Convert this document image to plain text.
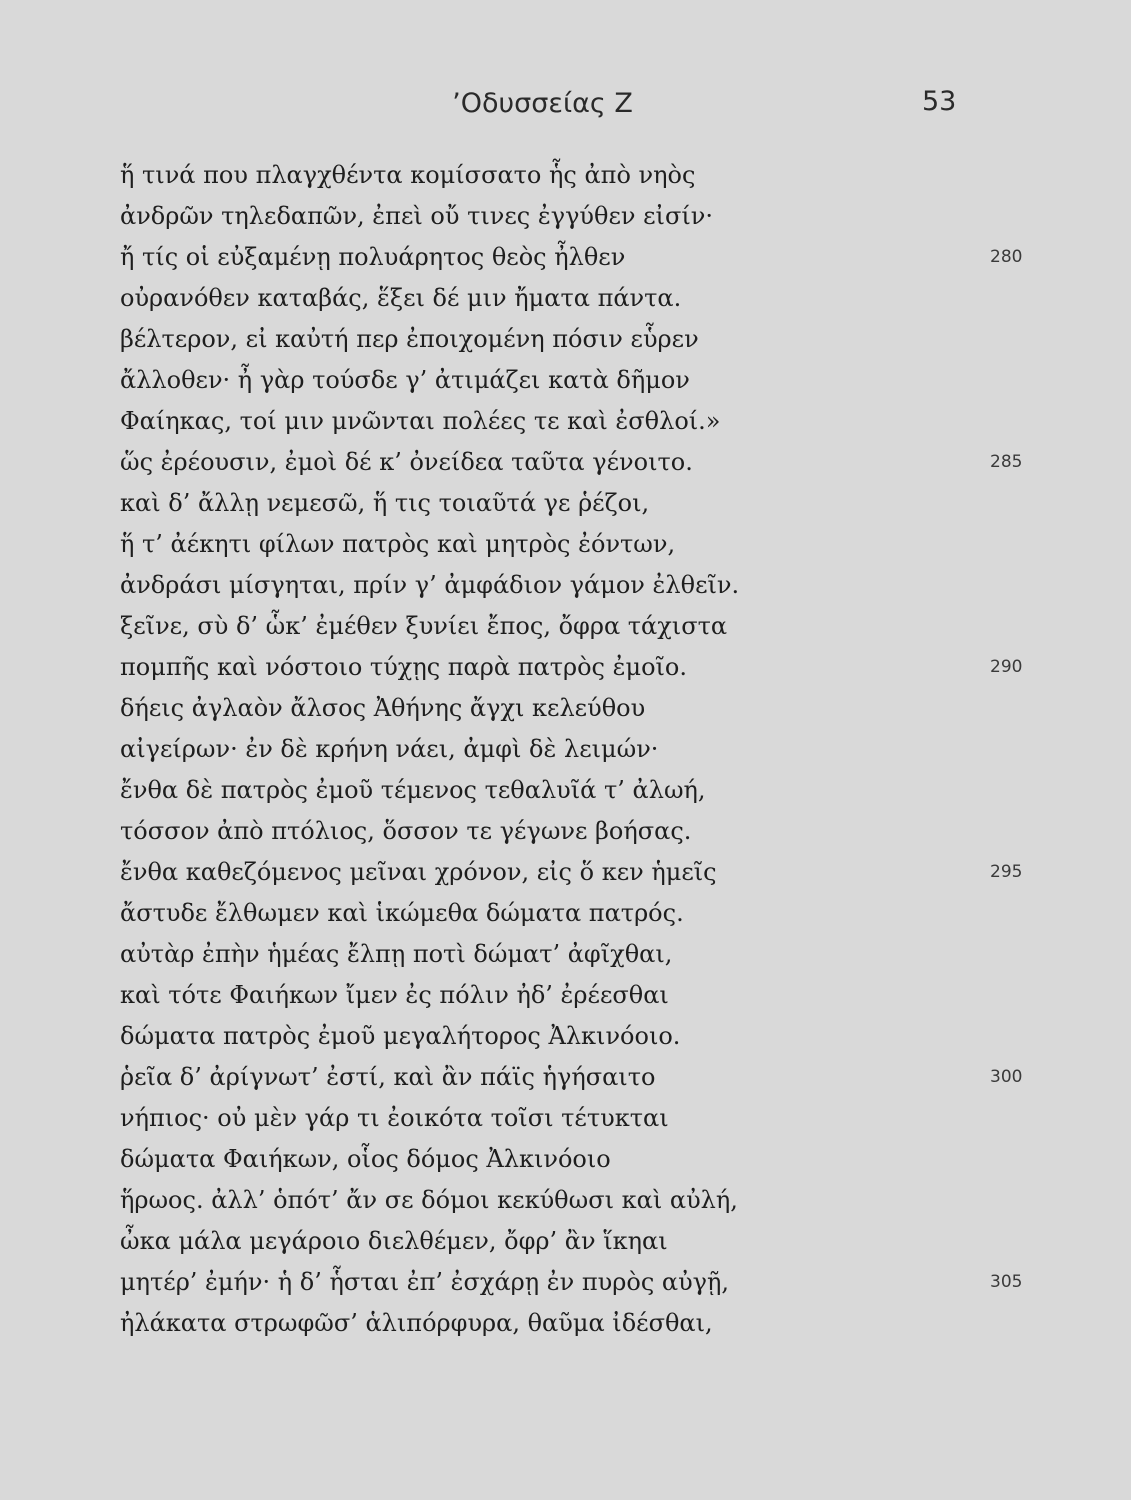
’Οδυσσείας Ζ	53
ἥ τινά που πλαγχθέντα κομίσσατο ἧς ἀπὸ νηὸς
ἀνδρῶν τηλεδαπῶν, ἐπεὶ οὔ τινες ἐγγύθεν εἰσίν·
ἤ τίς οἱ εὐξαμένῃ πολυάρητος θεὸς ἦλθεν	280
οὐρανόθεν καταβάς, ἕξει δέ μιν ἤματα πάντα.
βέλτερον, εἰ καὐτή περ ἐποιχομένη πόσιν εὗρεν
ἄλλοθεν· ἦ γὰρ τούσδε γ’ ἀτιμάζει κατὰ δῆμον
Φαίηκας, τοί μιν μνῶνται πολέες τε καὶ ἐσθλοί.»
ὥς ἐρέουσιν, ἐμοὶ δέ κ’ ὀνείδεα ταῦτα γένοιτο.	285
καὶ δ’ ἄλλῃ νεμεσῶ, ἥ τις τοιαῦτά γε ῥέζοι,
ἥ τ’ ἀέκητι φίλων πατρὸς καὶ μητρὸς ἐόντων,
ἀνδράσι μίσγηται, πρίν γ’ ἀμφάδιον γάμον ἐλθεῖν.
ξεῖνε, σὺ δ’ ὧκ’ ἐμέθεν ξυνίει ἔπος, ὄφρα τάχιστα
πομπῆς καὶ νόστοιο τύχῃς παρὰ πατρὸς ἐμοῖο.	290
δήεις ἀγλαὸν ἄλσος Ἀθήνης ἄγχι κελεύθου
αἰγείρων· ἐν δὲ κρήνη νάει, ἀμφὶ δὲ λειμών·
ἔνθα δὲ πατρὸς ἐμοῦ τέμενος τεθαλυῖά τ’ ἀλωή,
τόσσον ἀπὸ πτόλιος, ὅσσον τε γέγωνε βοήσας.
ἔνθα καθεζόμενος μεῖναι χρόνον, εἰς ὅ κεν ἡμεῖς	295
ἄστυδε ἔλθωμεν καὶ ἱκώμεθα δώματα πατρός.
αὐτὰρ ἐπὴν ἡμέας ἔλπῃ ποτὶ δώματ’ ἀφῖχθαι,
καὶ τότε Φαιήκων ἴμεν ἐς πόλιν ἠδ’ ἐρέεσθαι
δώματα πατρὸς ἐμοῦ μεγαλήτορος Ἀλκινόοιο.
ῥεῖα δ’ ἀρίγνωτ’ ἐστί, καὶ ἂν πάϊς ἡγήσαιτο	300
νήπιος· οὐ μὲν γάρ τι ἐοικότα τοῖσι τέτυκται
δώματα Φαιήκων, οἷος δόμος Ἀλκινόοιο
ἥρωος. ἀλλ’ ὁπότ’ ἄν σε δόμοι κεκύθωσι καὶ αὐλή,
ὦκα μάλα μεγάροιο διελθέμεν, ὄφρ’ ἂν ἵκηαι
μητέρ’ ἐμήν· ἡ δ’ ἧσται ἐπ’ ἐσχάρῃ ἐν πυρὸς αὐγῇ,	305
ἠλάκατα στρωφῶσ’ ἁλιπόρφυρα, θαῦμα ἰδέσθαι,
